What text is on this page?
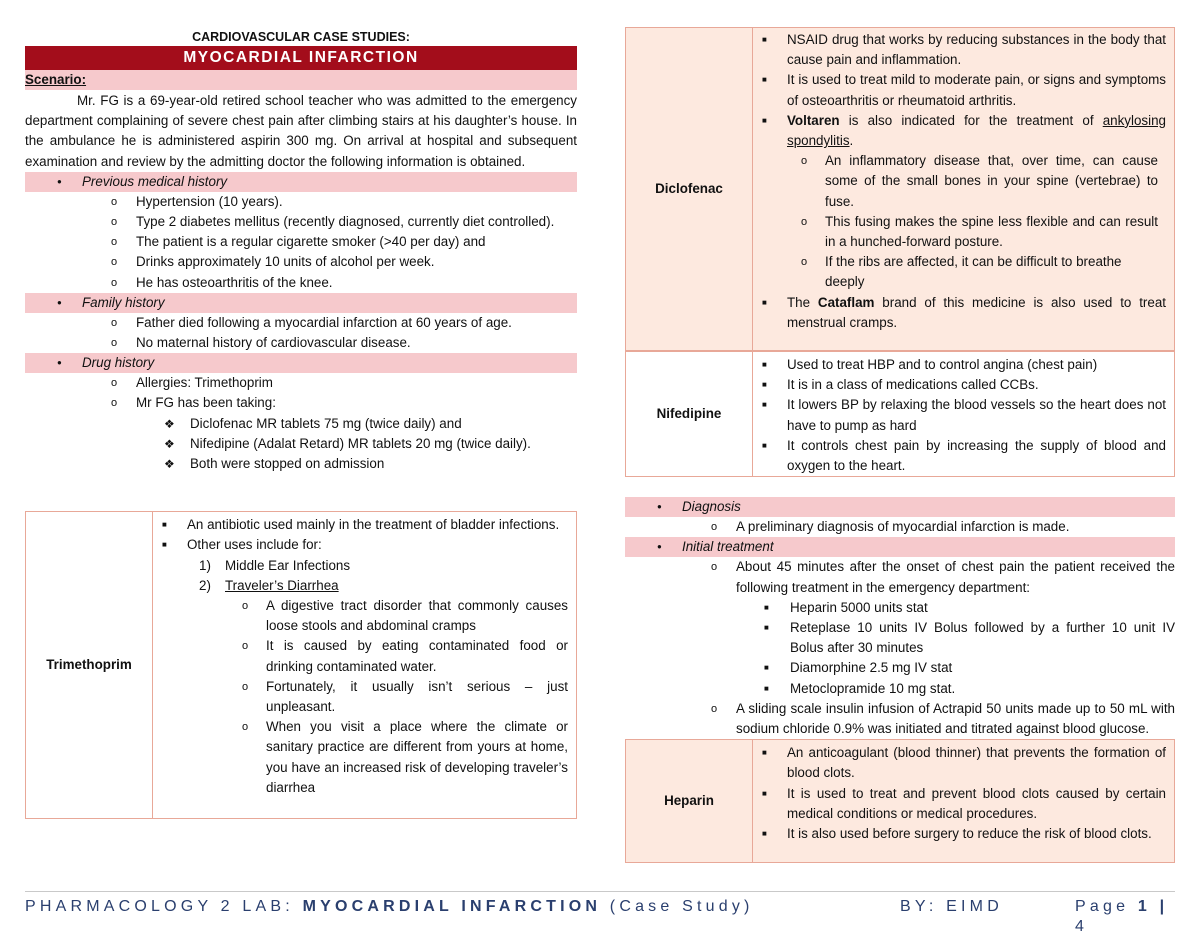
CARDIOVASCULAR CASE STUDIES:
MYOCARDIAL INFARCTION
Scenario:

Mr. FG is a 69-year-old retired school teacher who was admitted to the emergency department complaining of severe chest pain after climbing stairs at his daughter’s house. In the ambulance he is administered aspirin 300 mg. On arrival at hospital and subsequent examination and review by the admitting doctor the following information is obtained.

● Previous medical history
o Hypertension (10 years).
o Type 2 diabetes mellitus (recently diagnosed, currently diet controlled).
o The patient is a regular cigarette smoker (>40 per day) and
o Drinks approximately 10 units of alcohol per week.
o He has osteoarthritis of the knee.
● Family history
o Father died following a myocardial infarction at 60 years of age.
o No maternal history of cardiovascular disease.
● Drug history
o Allergies: Trimethoprim
o Mr FG has been taking:
❖ Diclofenac MR tablets 75 mg (twice daily) and
❖ Nifedipine (Adalat Retard) MR tablets 20 mg (twice daily).
❖ Both were stopped on admission
Trimethoprim	
■ An antibiotic used mainly in the treatment of bladder infections.
■ Other uses include for:
1) Middle Ear Infections
2) Traveler’s Diarrhea
o A digestive tract disorder that commonly causes loose stools and abdominal cramps
o It is caused by eating contaminated food or drinking contaminated water.
o Fortunately, it usually isn’t serious – just unpleasant.
o When you visit a place where the climate or sanitary practice are different from yours at home, you have an increased risk of developing traveler’s diarrhea
Diclofenac	
■ NSAID drug that works by reducing substances in the body that cause pain and inflammation.
■ It is used to treat mild to moderate pain, or signs and symptoms of osteoarthritis or rheumatoid arthritis.
■ Voltaren is also indicated for the treatment of ankylosing spondylitis.
o An inflammatory disease that, over time, can cause some of the small bones in your spine (vertebrae) to fuse.
o This fusing makes the spine less flexible and can result in a hunched-forward posture.
o If the ribs are affected, it can be difficult to breathe deeply
■ The Cataflam brand of this medicine is also used to treat menstrual cramps.
Nifedipine	
■ Used to treat HBP and to control angina (chest pain)
■ It is in a class of medications called CCBs.
■ It lowers BP by relaxing the blood vessels so the heart does not have to pump as hard
■ It controls chest pain by increasing the supply of blood and oxygen to the heart.
● Diagnosis
o A preliminary diagnosis of myocardial infarction is made.
● Initial treatment
o About 45 minutes after the onset of chest pain the patient received the following treatment in the emergency department:
■ Heparin 5000 units stat
■ Reteplase 10 units IV Bolus followed by a further 10 unit IV Bolus after 30 minutes
■ Diamorphine 2.5 mg IV stat
■ Metoclopramide 10 mg stat.
o A sliding scale insulin infusion of Actrapid 50 units made up to 50 mL with sodium chloride 0.9% was initiated and titrated against blood glucose.
Heparin	
■ An anticoagulant (blood thinner) that prevents the formation of blood clots.
■ It is used to treat and prevent blood clots caused by certain medical conditions or medical procedures.
■ It is also used before surgery to reduce the risk of blood clots.
PHARMACOLOGY 2 LAB: MYOCARDIAL INFARCTION (Case Study)	BY: EIMD	Page 1 | 4
